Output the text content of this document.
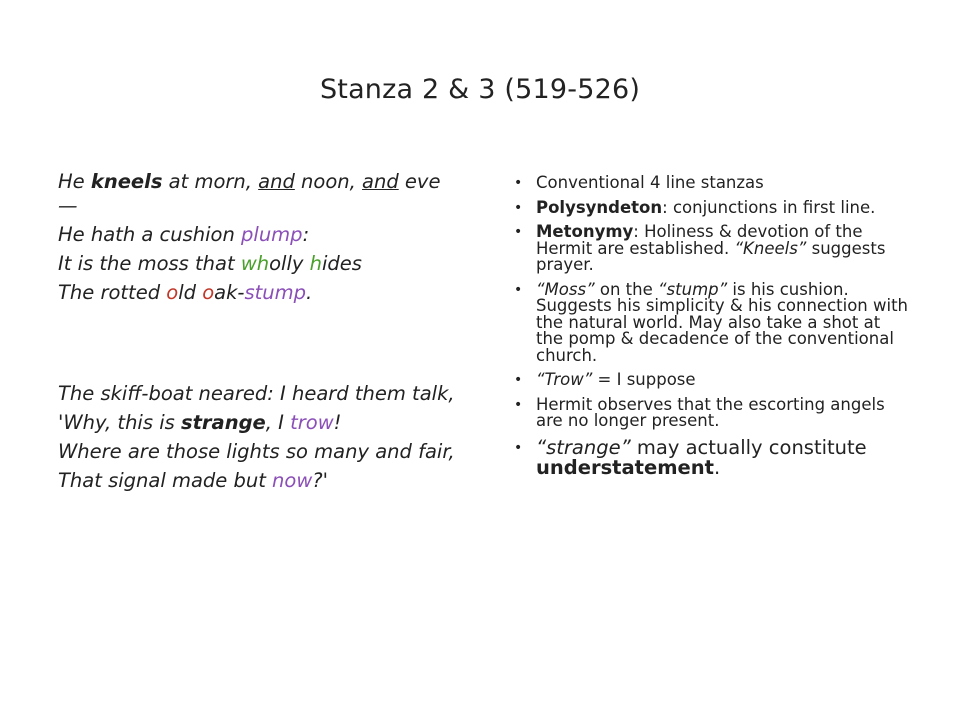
Stanza 2 & 3 (519-526)
He kneels at morn, and noon, and eve—
He hath a cushion plump:
It is the moss that wholly hides
The rotted old oak-stump.
The skiff-boat neared: I heard them talk,
'Why, this is strange, I trow!
Where are those lights so many and fair,
That signal made but now?'
• Conventional 4 line stanzas
• Polysyndeton: conjunctions in first line.
• Metonymy: Holiness & devotion of the Hermit are established. “Kneels” suggests prayer.
• “Moss” on the “stump” is his cushion. Suggests his simplicity & his connection with the natural world. May also take a shot at the pomp & decadence of the conventional church.
• “Trow” = I suppose
• Hermit observes that the escorting angels are no longer present.
• “strange” may actually constitute understatement.
